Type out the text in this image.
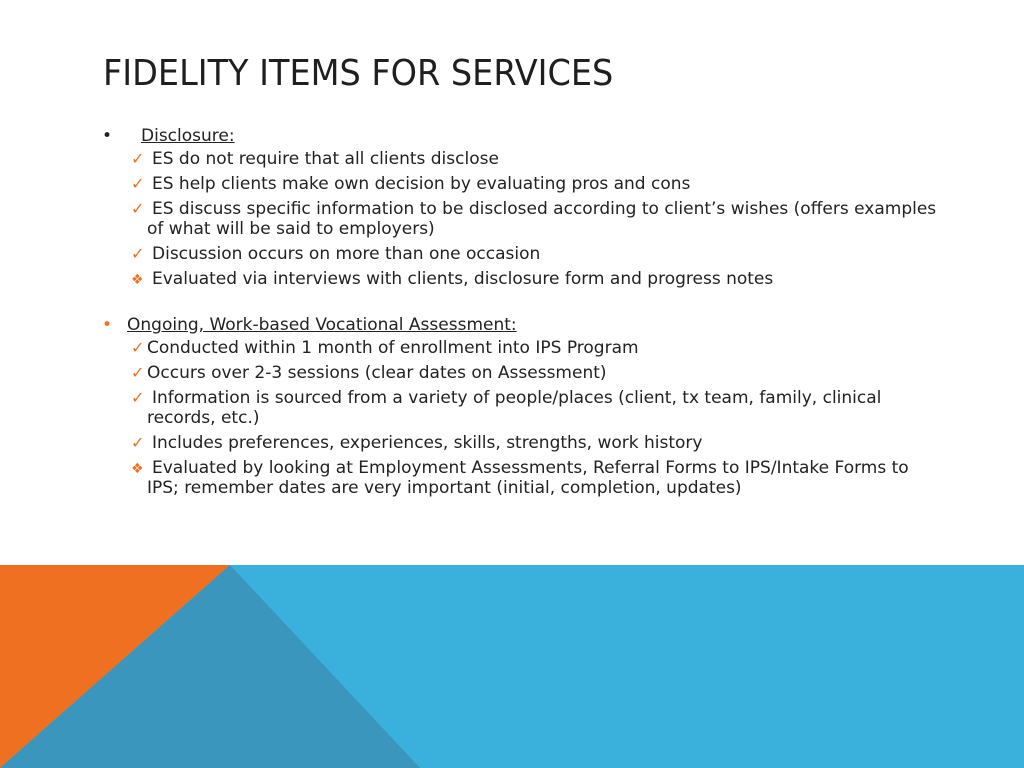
FIDELITY ITEMS FOR SERVICES
• Disclosure:
✓ ES do not require that all clients disclose
✓ ES help clients make own decision by evaluating pros and cons
✓ ES discuss specific information to be disclosed according to client’s wishes (offers examples of what will be said to employers)
✓ Discussion occurs on more than one occasion
❖ Evaluated via interviews with clients, disclosure form and progress notes
• Ongoing, Work-based Vocational Assessment:
✓ Conducted within 1 month of enrollment into IPS Program
✓ Occurs over 2-3 sessions (clear dates on Assessment)
✓ Information is sourced from a variety of people/places (client, tx team, family, clinical records, etc.)
✓ Includes preferences, experiences, skills, strengths, work history
❖ Evaluated by looking at Employment Assessments, Referral Forms to IPS/Intake Forms to IPS; remember dates are very important (initial, completion, updates)
